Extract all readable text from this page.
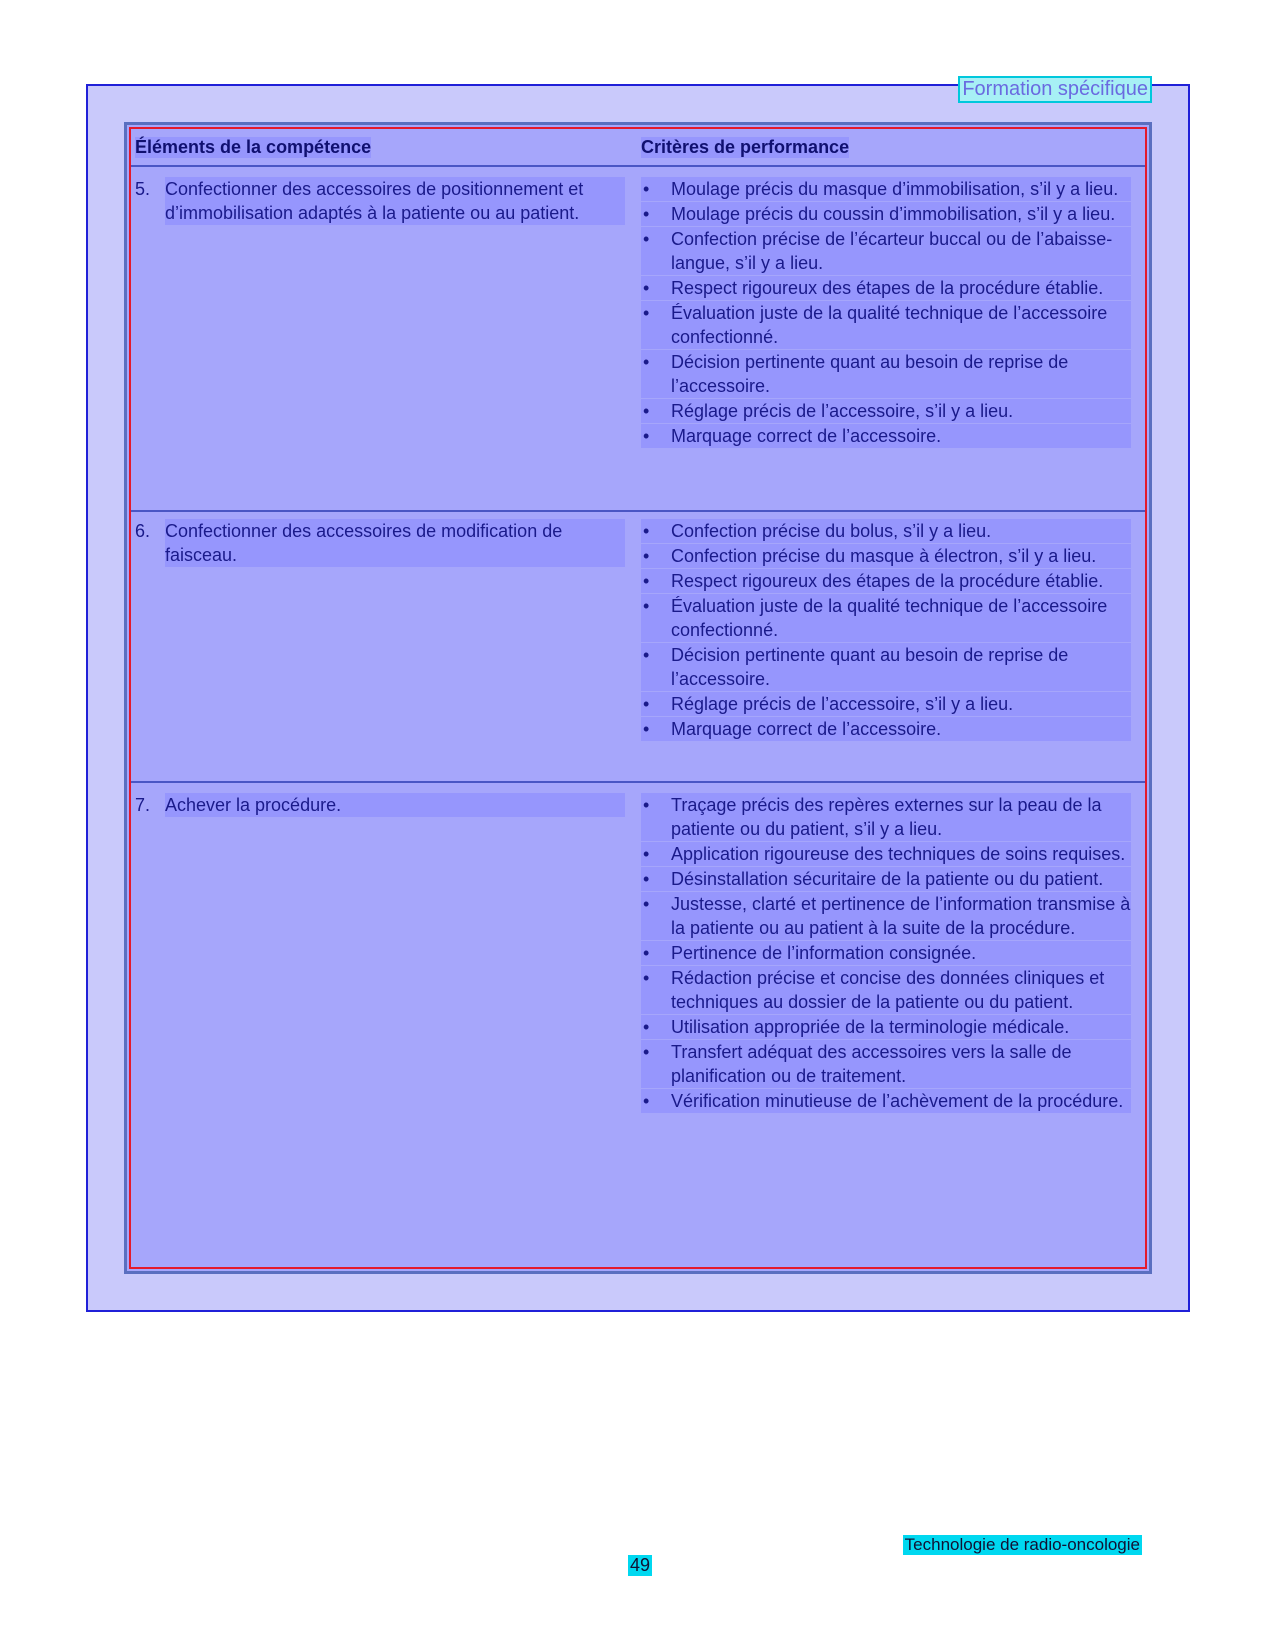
Formation spécifique
Éléments de la compétence	Critères de performance
5. Confectionner des accessoires de positionnement et d’immobilisation adaptés à la patiente ou au patient.
• Moulage précis du masque d’immobilisation, s’il y a lieu.
• Moulage précis du coussin d’immobilisation, s’il y a lieu.
• Confection précise de l’écarteur buccal ou de l’abaisse-langue, s’il y a lieu.
• Respect rigoureux des étapes de la procédure établie.
• Évaluation juste de la qualité technique de l’accessoire confectionné.
• Décision pertinente quant au besoin de reprise de l’accessoire.
• Réglage précis de l’accessoire, s’il y a lieu.
• Marquage correct de l’accessoire.
6. Confectionner des accessoires de modification de faisceau.
• Confection précise du bolus, s’il y a lieu.
• Confection précise du masque à électron, s’il y a lieu.
• Respect rigoureux des étapes de la procédure établie.
• Évaluation juste de la qualité technique de l’accessoire confectionné.
• Décision pertinente quant au besoin de reprise de l’accessoire.
• Réglage précis de l’accessoire, s’il y a lieu.
• Marquage correct de l’accessoire.
7. Achever la procédure.
•	Traçage précis des repères externes sur la peau de la patiente ou du patient, s’il y a lieu.
• Application rigoureuse des techniques de soins requises.
• Désinstallation sécuritaire de la patiente ou du patient.
• Justesse, clarté et pertinence de l’information transmise à la patiente ou au patient à la suite de la procédure.
• Pertinence de l’information consignée.
• Rédaction précise et concise des données cliniques et techniques au dossier de la patiente ou du patient.
• Utilisation appropriée de la terminologie médicale.
• Transfert adéquat des accessoires vers la salle de planification ou de traitement.
• Vérification minutieuse de l’achèvement de la procédure.
Technologie de radio-oncologie
49
